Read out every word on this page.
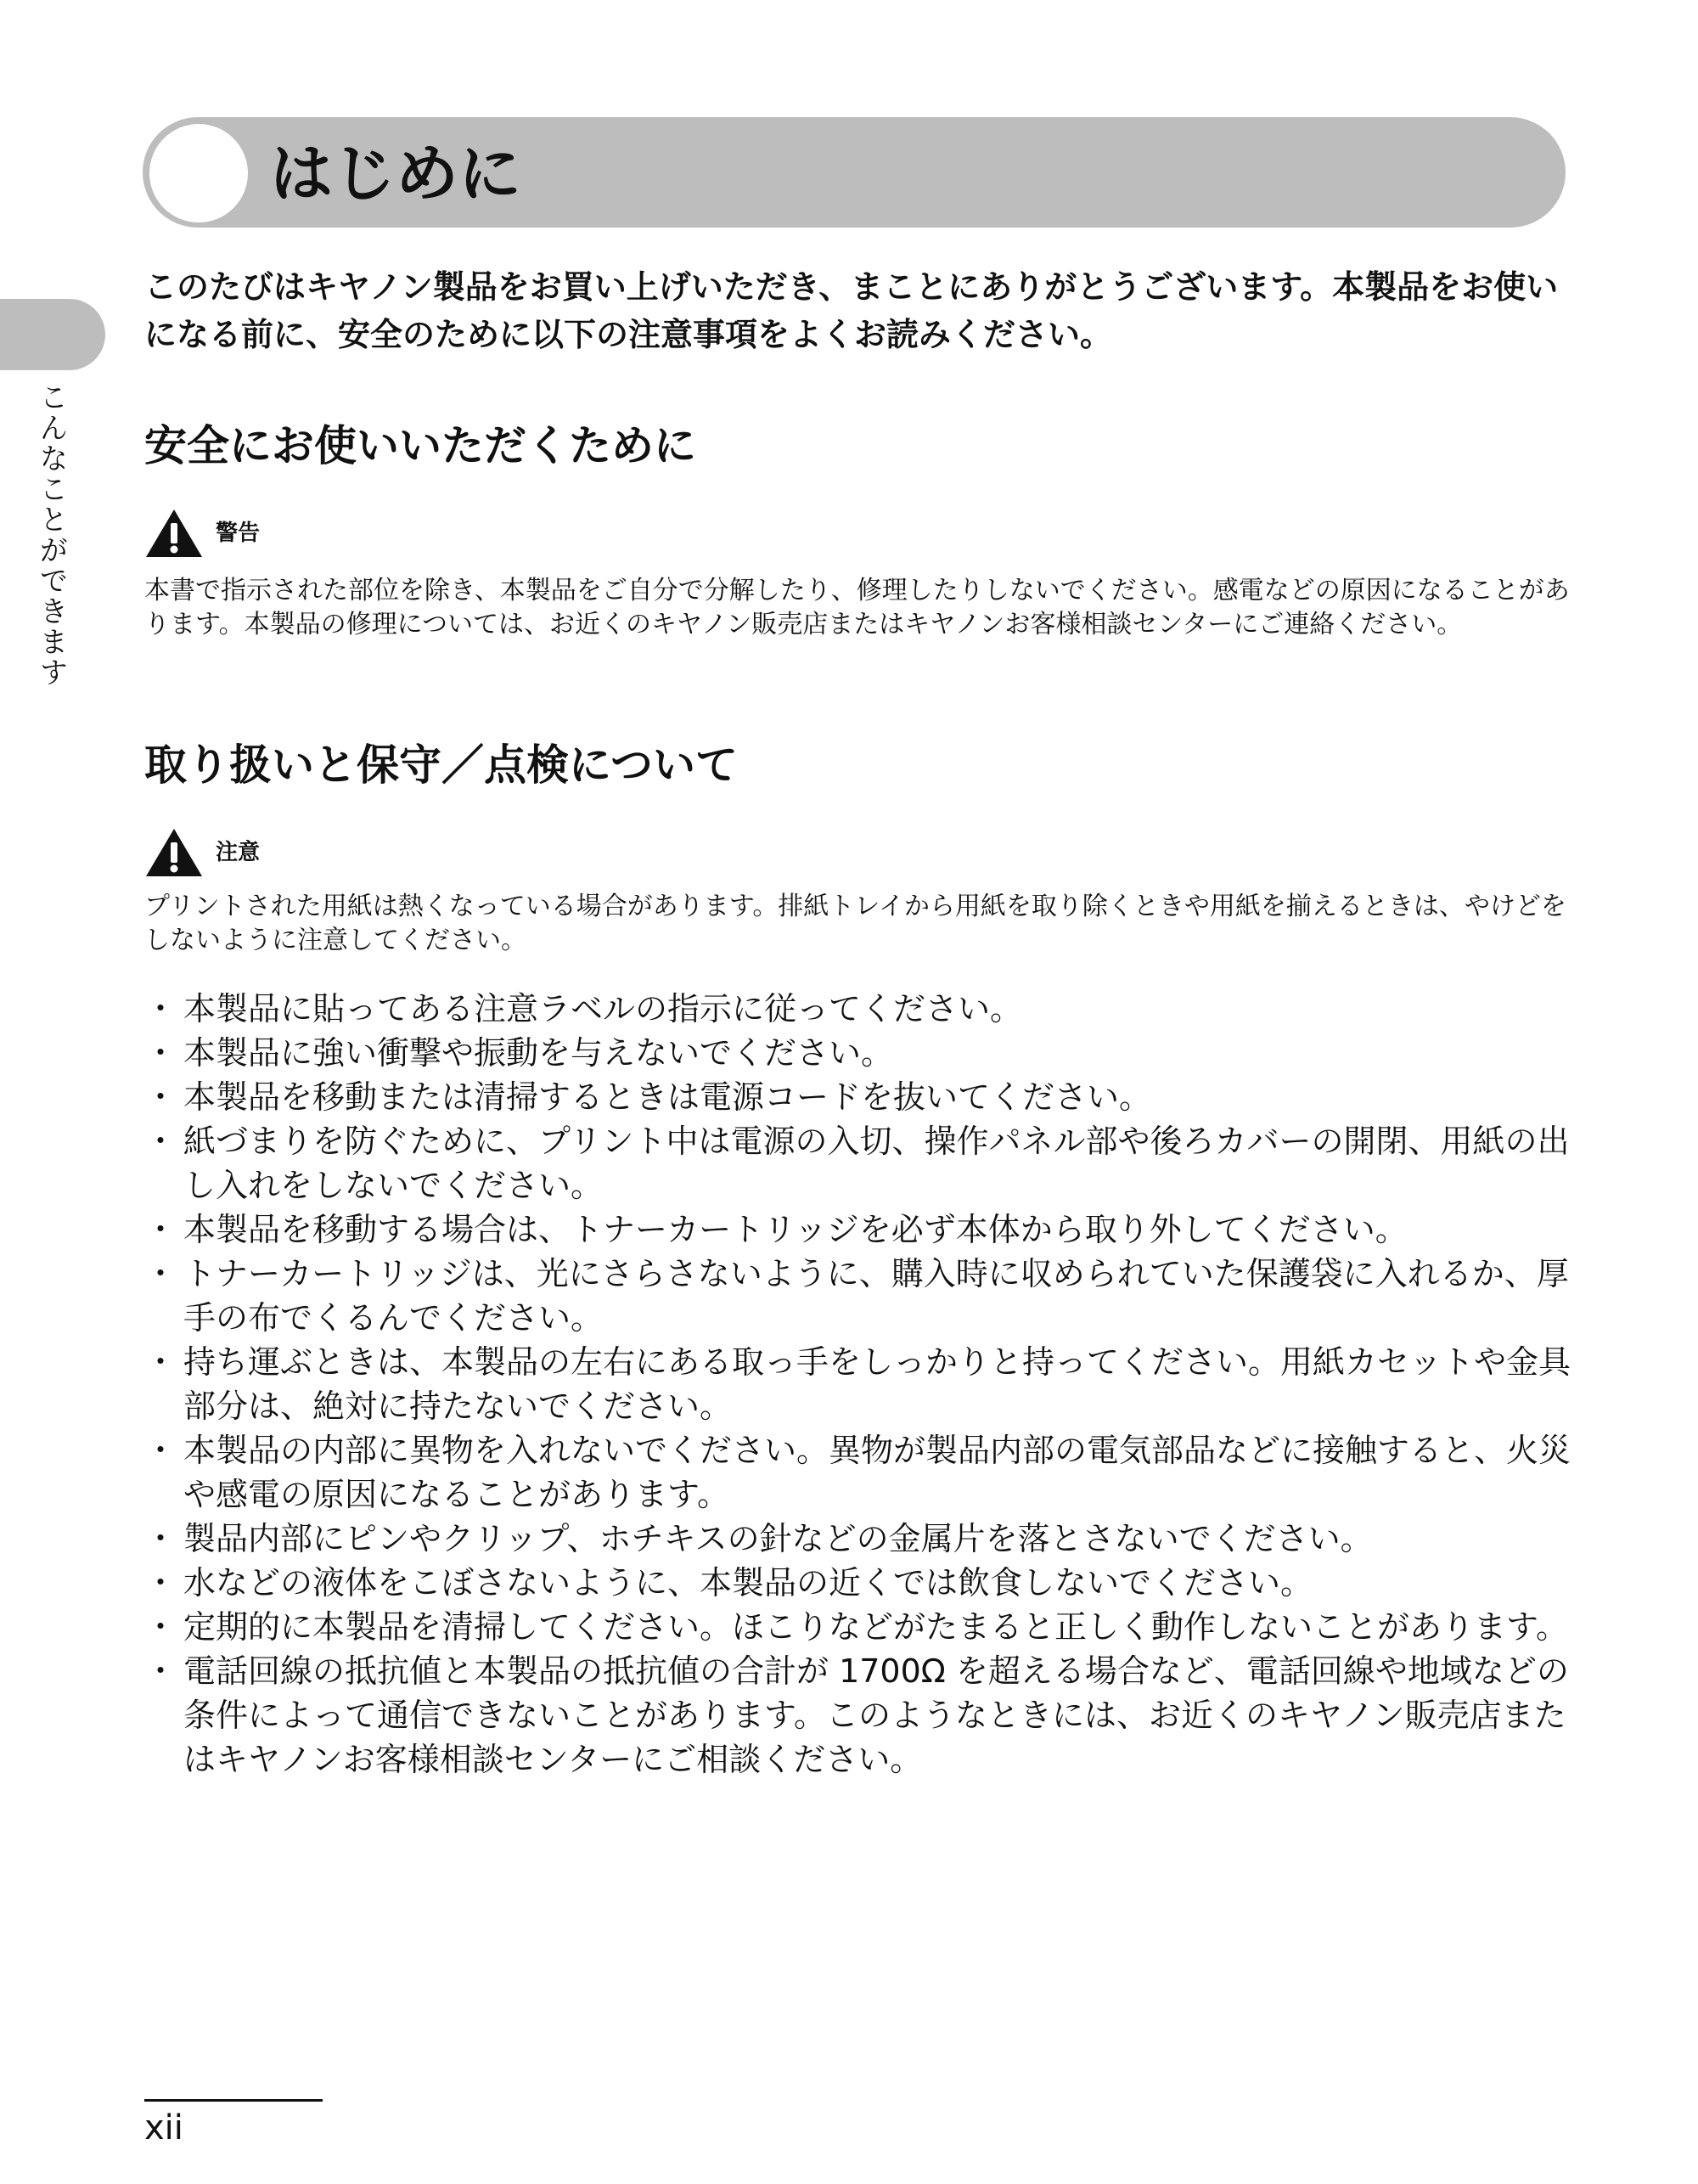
はじめに
こんなことができます

このたびはキヤノン製品をお買い上げいただき、まことにありがとうございます。本製品をお使いになる前に、安全のために以下の注意事項をよくお読みください。

安全にお使いいただくために
警告

本書で指示された部位を除き、本製品をご自分で分解したり、修理したりしないでください。感電などの原因になることがあります。本製品の修理については、お近くのキヤノン販売店またはキヤノンお客様相談センターにご連絡ください。

取り扱いと保守／点検について
注意

プリントされた用紙は熱くなっている場合があります。排紙トレイから用紙を取り除くときや用紙を揃えるときは、やけどをしないように注意してください。

・ 本製品に貼ってある注意ラベルの指示に従ってください。
・ 本製品に強い衝撃や振動を与えないでください。
・ 本製品を移動または清掃するときは電源コードを抜いてください。
・ 紙づまりを防ぐために、プリント中は電源の入切、操作パネル部や後ろカバーの開閉、用紙の出し入れをしないでください。
・ 本製品を移動する場合は、トナーカートリッジを必ず本体から取り外してください。
・ トナーカートリッジは、光にさらさないように、購入時に収められていた保護袋に入れるか、厚手の布でくるんでください。
・ 持ち運ぶときは、本製品の左右にある取っ手をしっかりと持ってください。用紙カセットや金具部分は、絶対に持たないでください。
・ 本製品の内部に異物を入れないでください。異物が製品内部の電気部品などに接触すると、火災や感電の原因になることがあります。
・ 製品内部にピンやクリップ、ホチキスの針などの金属片を落とさないでください。
・ 水などの液体をこぼさないように、本製品の近くでは飲食しないでください。
・ 定期的に本製品を清掃してください。ほこりなどがたまると正しく動作しないことがあります。
・ 電話回線の抵抗値と本製品の抵抗値の合計が 1700Ω を超える場合など、電話回線や地域などの条件によって通信できないことがあります。このようなときには、お近くのキヤノン販売店またはキヤノンお客様相談センターにご相談ください。
xii
